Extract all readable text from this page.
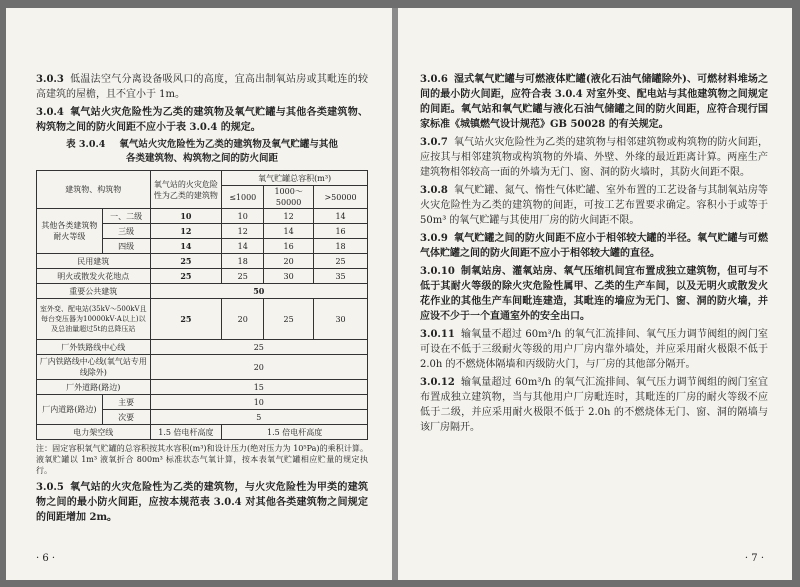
3.0.3 低温法空气分离设备吸风口的高度，宜高出制氧站房或其毗连的较高建筑的屋檐，且不宜小于 1m。

3.0.4 氧气站火灾危险性为乙类的建筑物及氧气贮罐与其他各类建筑物、构筑物之间的防火间距不应小于表 3.0.4 的规定。

表 3.0.4 氧气站火灾危险性为乙类的建筑物及氧气贮罐与其他
各类建筑物、构筑物之间的防火间距
建筑物、构筑物		氧气站的火灾危险性为乙类的建筑物	氧气贮罐总容积(m³)		
			≤1000	1000～50000	>50000
其他各类建筑物耐火等级	一、二级	10	10	12	14
	三级	12	12	14	16
	四级	14	14	16	18
民用建筑		25	18	20	25
明火或散发火花地点		25	25	30	35
重要公共建筑		50			
室外变、配电站(35kV～500kV且每台变压器为10000kV·A以上)以及总油量超过5t的总降压站		25	20	25	30
厂外铁路线中心线		25			
厂内铁路线中心线(氧气站专用线除外)		20			
厂外道路(路边)		15			
厂内道路(路边)	主要	10			
	次要	5			
电力架空线		1.5 倍电杆高度	1.5 倍电杆高度		
注：固定容积氧气贮罐的总容积按其水容积(m³)和设计压力(绝对压力为 10⁵Pa)的乘积计算。液氧贮罐以 1m³ 液氧折合 800m³ 标准状态气氧计算，按本表氧气贮罐相应贮量的规定执行。

3.0.5 氧气站的火灾危险性为乙类的建筑物，与火灾危险性为甲类的建筑物之间的最小防火间距，应按本规范表 3.0.4 对其他各类建筑物之间规定的间距增加 2m。

· 6 ·

3.0.6 湿式氧气贮罐与可燃液体贮罐(液化石油气储罐除外)、可燃材料堆场之间的最小防火间距，应符合表 3.0.4 对室外变、配电站与其他建筑物之间规定的间距。氧气站和氧气贮罐与液化石油气储罐之间的防火间距，应符合现行国家标准《城镇燃气设计规范》GB 50028 的有关规定。

3.0.7 氧气站火灾危险性为乙类的建筑物与相邻建筑物或构筑物的防火间距，应按其与相邻建筑物或构筑物的外墙、外壁、外缘的最近距离计算。两座生产建筑物相邻较高一面的外墙为无门、窗、洞的防火墙时，其防火间距不限。

3.0.8 氧气贮罐、氮气、惰性气体贮罐、室外布置的工艺设备与其制氧站房等火灾危险性为乙类的建筑物的间距，可按工艺布置要求确定。容积小于或等于 50m³ 的氧气贮罐与其使用厂房的防火间距不限。

3.0.9 氧气贮罐之间的防火间距不应小于相邻较大罐的半径。氧气贮罐与可燃气体贮罐之间的防火间距不应小于相邻较大罐的直径。

3.0.10 制氧站房、灌氧站房、氧气压缩机间宜布置成独立建筑物，但可与不低于其耐火等级的除火灾危险性属甲、乙类的生产车间，以及无明火或散发火花作业的其他生产车间毗连建造，其毗连的墙应为无门、窗、洞的防火墙，并应设不少于一个直通室外的安全出口。

3.0.11 输氧量不超过 60m³/h 的氧气汇流排间、氧气压力调节阀组的阀门室可设在不低于三级耐火等级的用户厂房内靠外墙处，并应采用耐火极限不低于 2.0h 的不燃烧体隔墙和丙级防火门，与厂房的其他部分隔开。

3.0.12 输氧量超过 60m³/h 的氧气汇流排间、氧气压力调节阀组的阀门室宜布置成独立建筑物，当与其他用户厂房毗连时，其毗连的厂房的耐火等级不应低于二级，并应采用耐火极限不低于 2.0h 的不燃烧体无门、窗、洞的隔墙与该厂房隔开。

· 7 ·
